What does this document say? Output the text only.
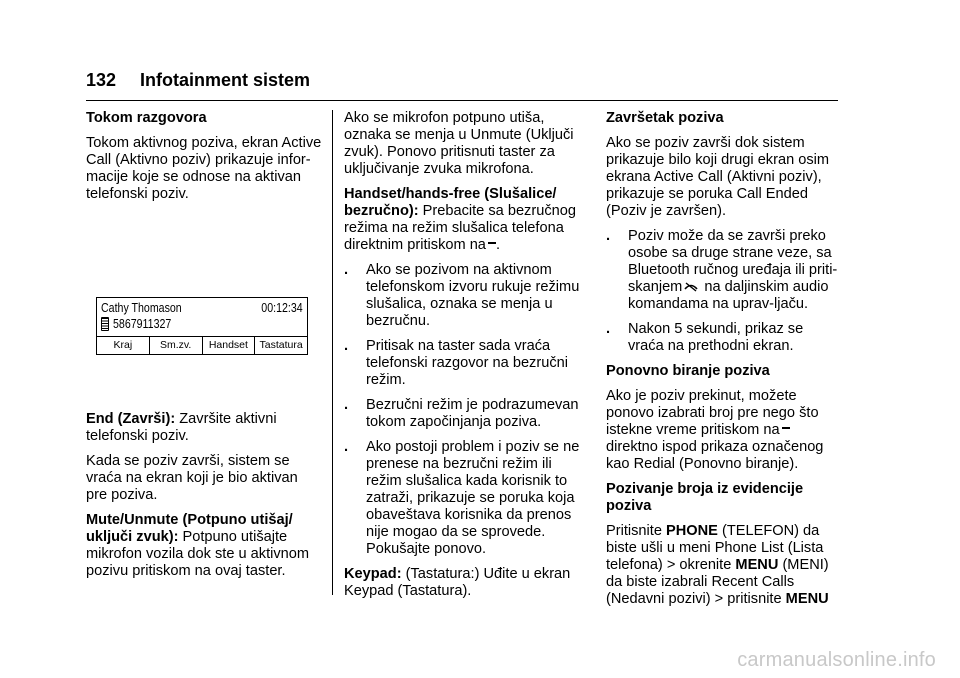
132 Infotainment sistem
Tokom razgovora
Tokom aktivnog poziva, ekran Active Call (Aktivno poziv) prikazuje infor-macije koje se odnose na aktivan telefonski poziv.
Cathy Thomason	00:12:34
5867911327
Kraj	Sm.zv.	Handset	Tastatura
End (Završi): Završite aktivni telefonski poziv.
Kada se poziv završi, sistem se vraća na ekran koji je bio aktivan pre poziva.
Mute/Unmute (Potpuno utišaj/ uključi zvuk): Potpuno utišajte mikrofon vozila dok ste u aktivnom pozivu pritiskom na ovaj taster.
Ako se mikrofon potpuno utiša, oznaka se menja u Unmute (Uključi zvuk). Ponovo pritisnuti taster za uključivanje zvuka mikrofona.
Handset/hands-free (Slušalice/ bezručno): Prebacite sa bezručnog režima na režim slušalica telefona direktnim pritiskom na .
. Ako se pozivom na aktivnom telefonskom izvoru rukuje režimu slušalica, oznaka se menja u bezručnu.
. Pritisak na taster sada vraća telefonski razgovor na bezručni režim.
. Bezručni režim je podrazumevan tokom započinjanja poziva.
. Ako postoji problem i poziv se ne prenese na bezručni režim ili režim slušalica kada korisnik to zatraži, prikazuje se poruka koja obaveštava korisnika da prenos nije mogao da se sprovede. Pokušajte ponovo.
Keypad: (Tastatura:) Uđite u ekran Keypad (Tastatura).
Završetak poziva
Ako se poziv završi dok sistem prikazuje bilo koji drugi ekran osim ekrana Active Call (Aktivni poziv), prikazuje se poruka Call Ended (Poziv je završen).
. Poziv može da se završi preko osobe sa druge strane veze, sa Bluetooth ručnog uređaja ili priti-skanjem na daljinskim audio komandama na uprav-ljaču.
. Nakon 5 sekundi, prikaz se vraća na prethodni ekran.
Ponovno biranje poziva
Ako je poziv prekinut, možete ponovo izabrati broj pre nego što istekne vreme pritiskom na direktno ispod prikaza označenog kao Redial (Ponovno biranje).
Pozivanje broja iz evidencije poziva
Pritisnite PHONE (TELEFON) da biste ušli u meni Phone List (Lista telefona) > okrenite MENU (MENI) da biste izabrali Recent Calls (Nedavni pozivi) > pritisnite MENU
carmanualsonline.info
